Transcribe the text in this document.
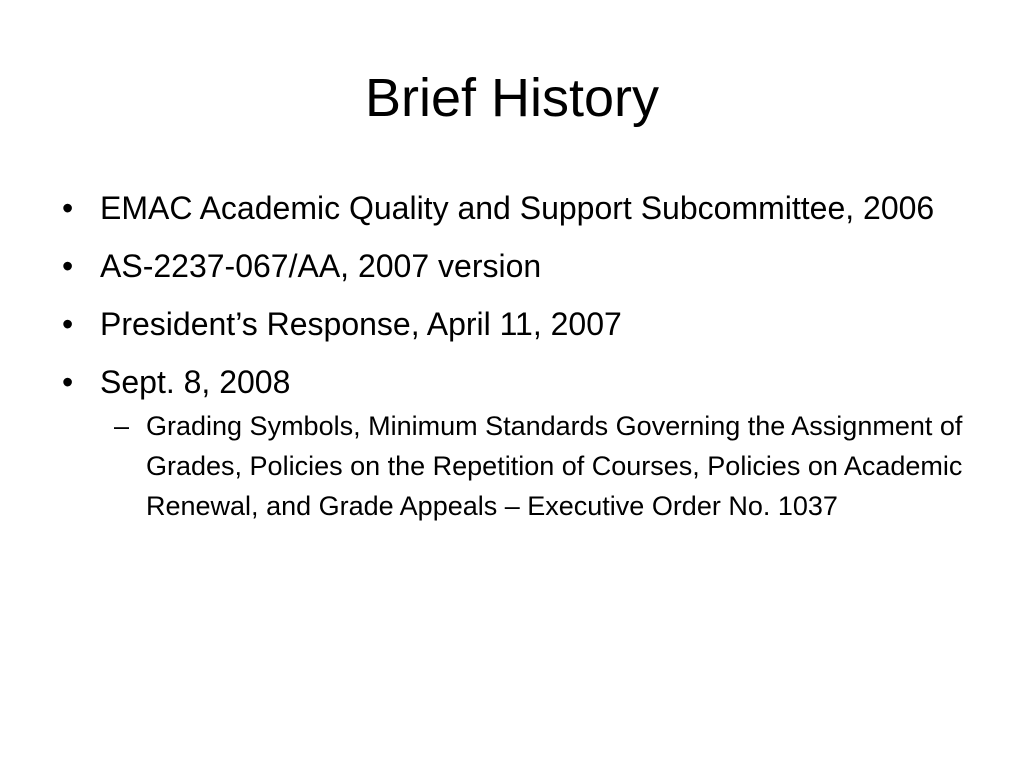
Brief History
• EMAC Academic Quality and Support Subcommittee, 2006
• AS-2237-067/AA, 2007 version
• President’s Response, April 11, 2007
• Sept. 8, 2008
– Grading Symbols, Minimum Standards Governing the Assignment of Grades, Policies on the Repetition of Courses, Policies on Academic Renewal, and Grade Appeals – Executive Order No. 1037
